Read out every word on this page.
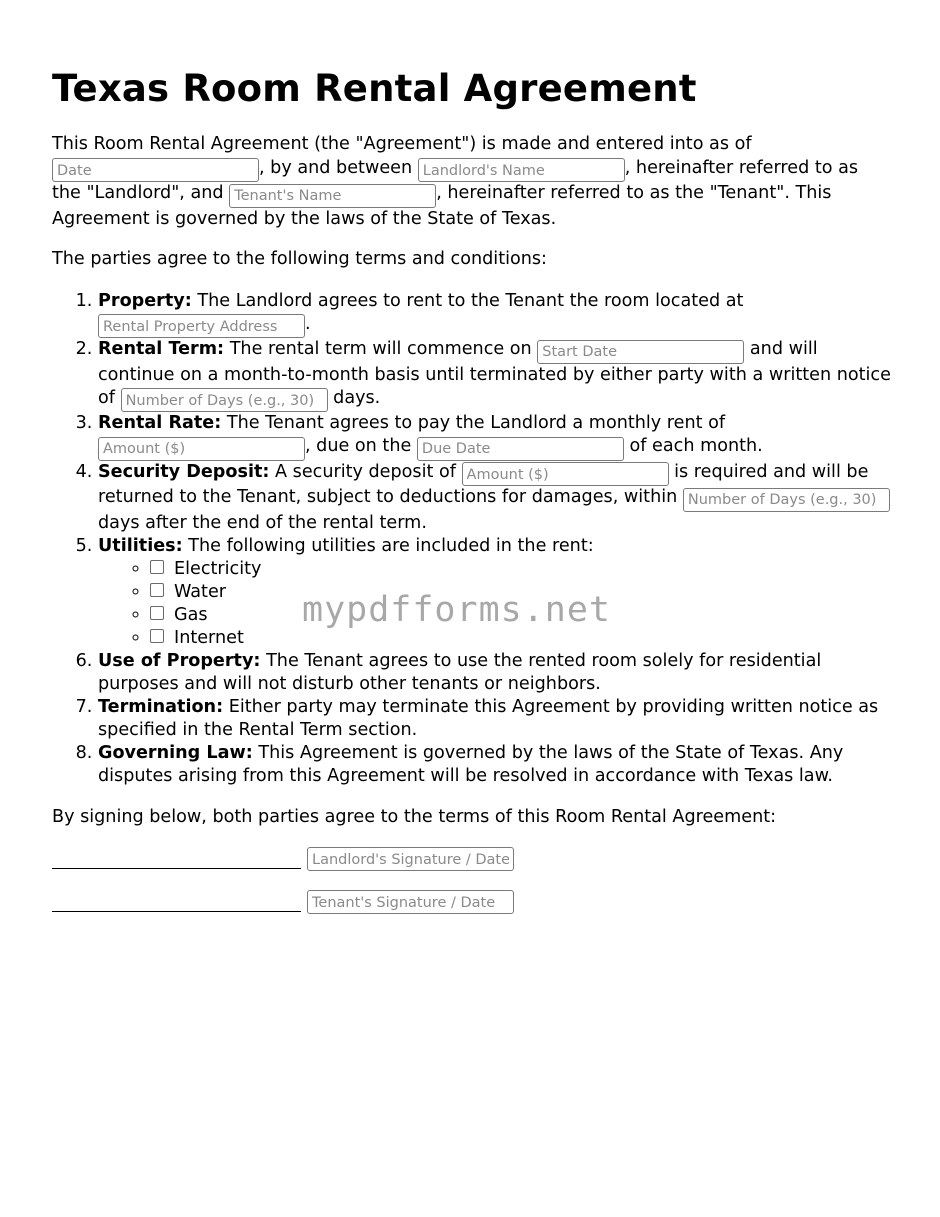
Texas Room Rental Agreement

This Room Rental Agreement (the "Agreement") is made and entered into as of
Date, by and between Landlord's Name	, hereinafter referred to as the "Landlord", and Tenant's Name	, hereinafter referred to as the "Tenant". This Agreement is governed by the laws of the State of Texas.

The parties agree to the following terms and conditions:

1. Property: The Landlord agrees to rent to the Tenant the room located at Rental Property Address.
2. Rental Term: The rental term will commence on Start Date	and will continue on a month-to-month basis until terminated by either party with a written notice of Number of Days (e.g., 30)	days.
3. Rental Rate: The Tenant agrees to pay the Landlord a monthly rent of Amount ($), due on the Due Date	of each month.
4. Security Deposit: A security deposit of Amount ($)	is required and will be returned to the Tenant, subject to deductions for damages, within Number of Days (e.g., 30) days after the end of the rental term.
5. Utilities: The following utilities are included in the rent:
◦ Electricity
◦ Water
◦ Gas
◦ Internet
6. Use of Property: The Tenant agrees to use the rented room solely for residential purposes and will not disturb other tenants or neighbors.
7. Termination: Either party may terminate this Agreement by providing written notice as specified in the Rental Term section.
8. Governing Law: This Agreement is governed by the laws of the State of Texas. Any disputes arising from this Agreement will be resolved in accordance with Texas law.

By signing below, both parties agree to the terms of this Room Rental Agreement:

Landlord's Signature / Date
Tenant's Signature / Date
mypdfforms.net
